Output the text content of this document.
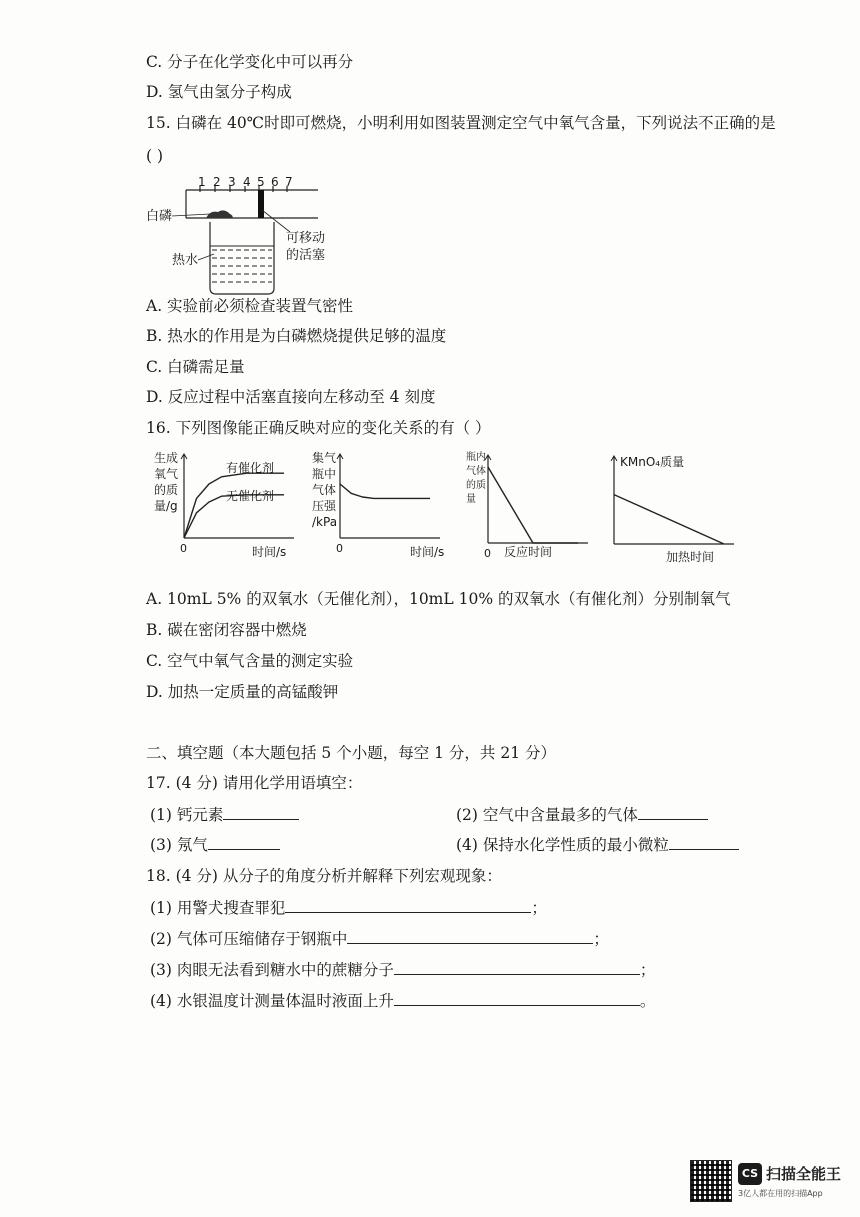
C. 分子在化学变化中可以再分
D. 氢气由氢分子构成
15. 白磷在 40℃时即可燃烧，小明利用如图装置测定空气中氧气含量，下列说法不正确的是
( )
1 2 3 4 5 6 7
白磷
可移动
的活塞
热水
A. 实验前必须检查装置气密性
B. 热水的作用是为白磷燃烧提供足够的温度
C. 白磷需足量
D. 反应过程中活塞直接向左移动至 4 刻度
16. 下列图像能正确反映对应的变化关系的有（ ）
生成
氧气
的质
量/g
时间/s
0
有催化剂
无催化剂
集气
瓶中
气体
压强
/kPa
时间/s
0
瓶内
气体
的质
量
反应时间
0
KMnO₄质量
加热时间
A. 10mL 5% 的双氧水（无催化剂），10mL 10% 的双氧水（有催化剂）分别制氧气
B. 碳在密闭容器中燃烧
C. 空气中氧气含量的测定实验
D. 加热一定质量的高锰酸钾
二、填空题（本大题包括 5 个小题，每空 1 分，共 21 分）
17. (4 分) 请用化学用语填空：
(1) 钙元素	(2) 空气中含量最多的气体
(3) 氖气	(4) 保持水化学性质的最小微粒
18. (4 分) 从分子的角度分析并解释下列宏观现象：
(1) 用警犬搜查罪犯	；
(2) 气体可压缩储存于钢瓶中	；
(3) 肉眼无法看到糖水中的蔗糖分子	；
(4) 水银温度计测量体温时液面上升	。
CS 扫描全能王
3亿人都在用的扫描App
